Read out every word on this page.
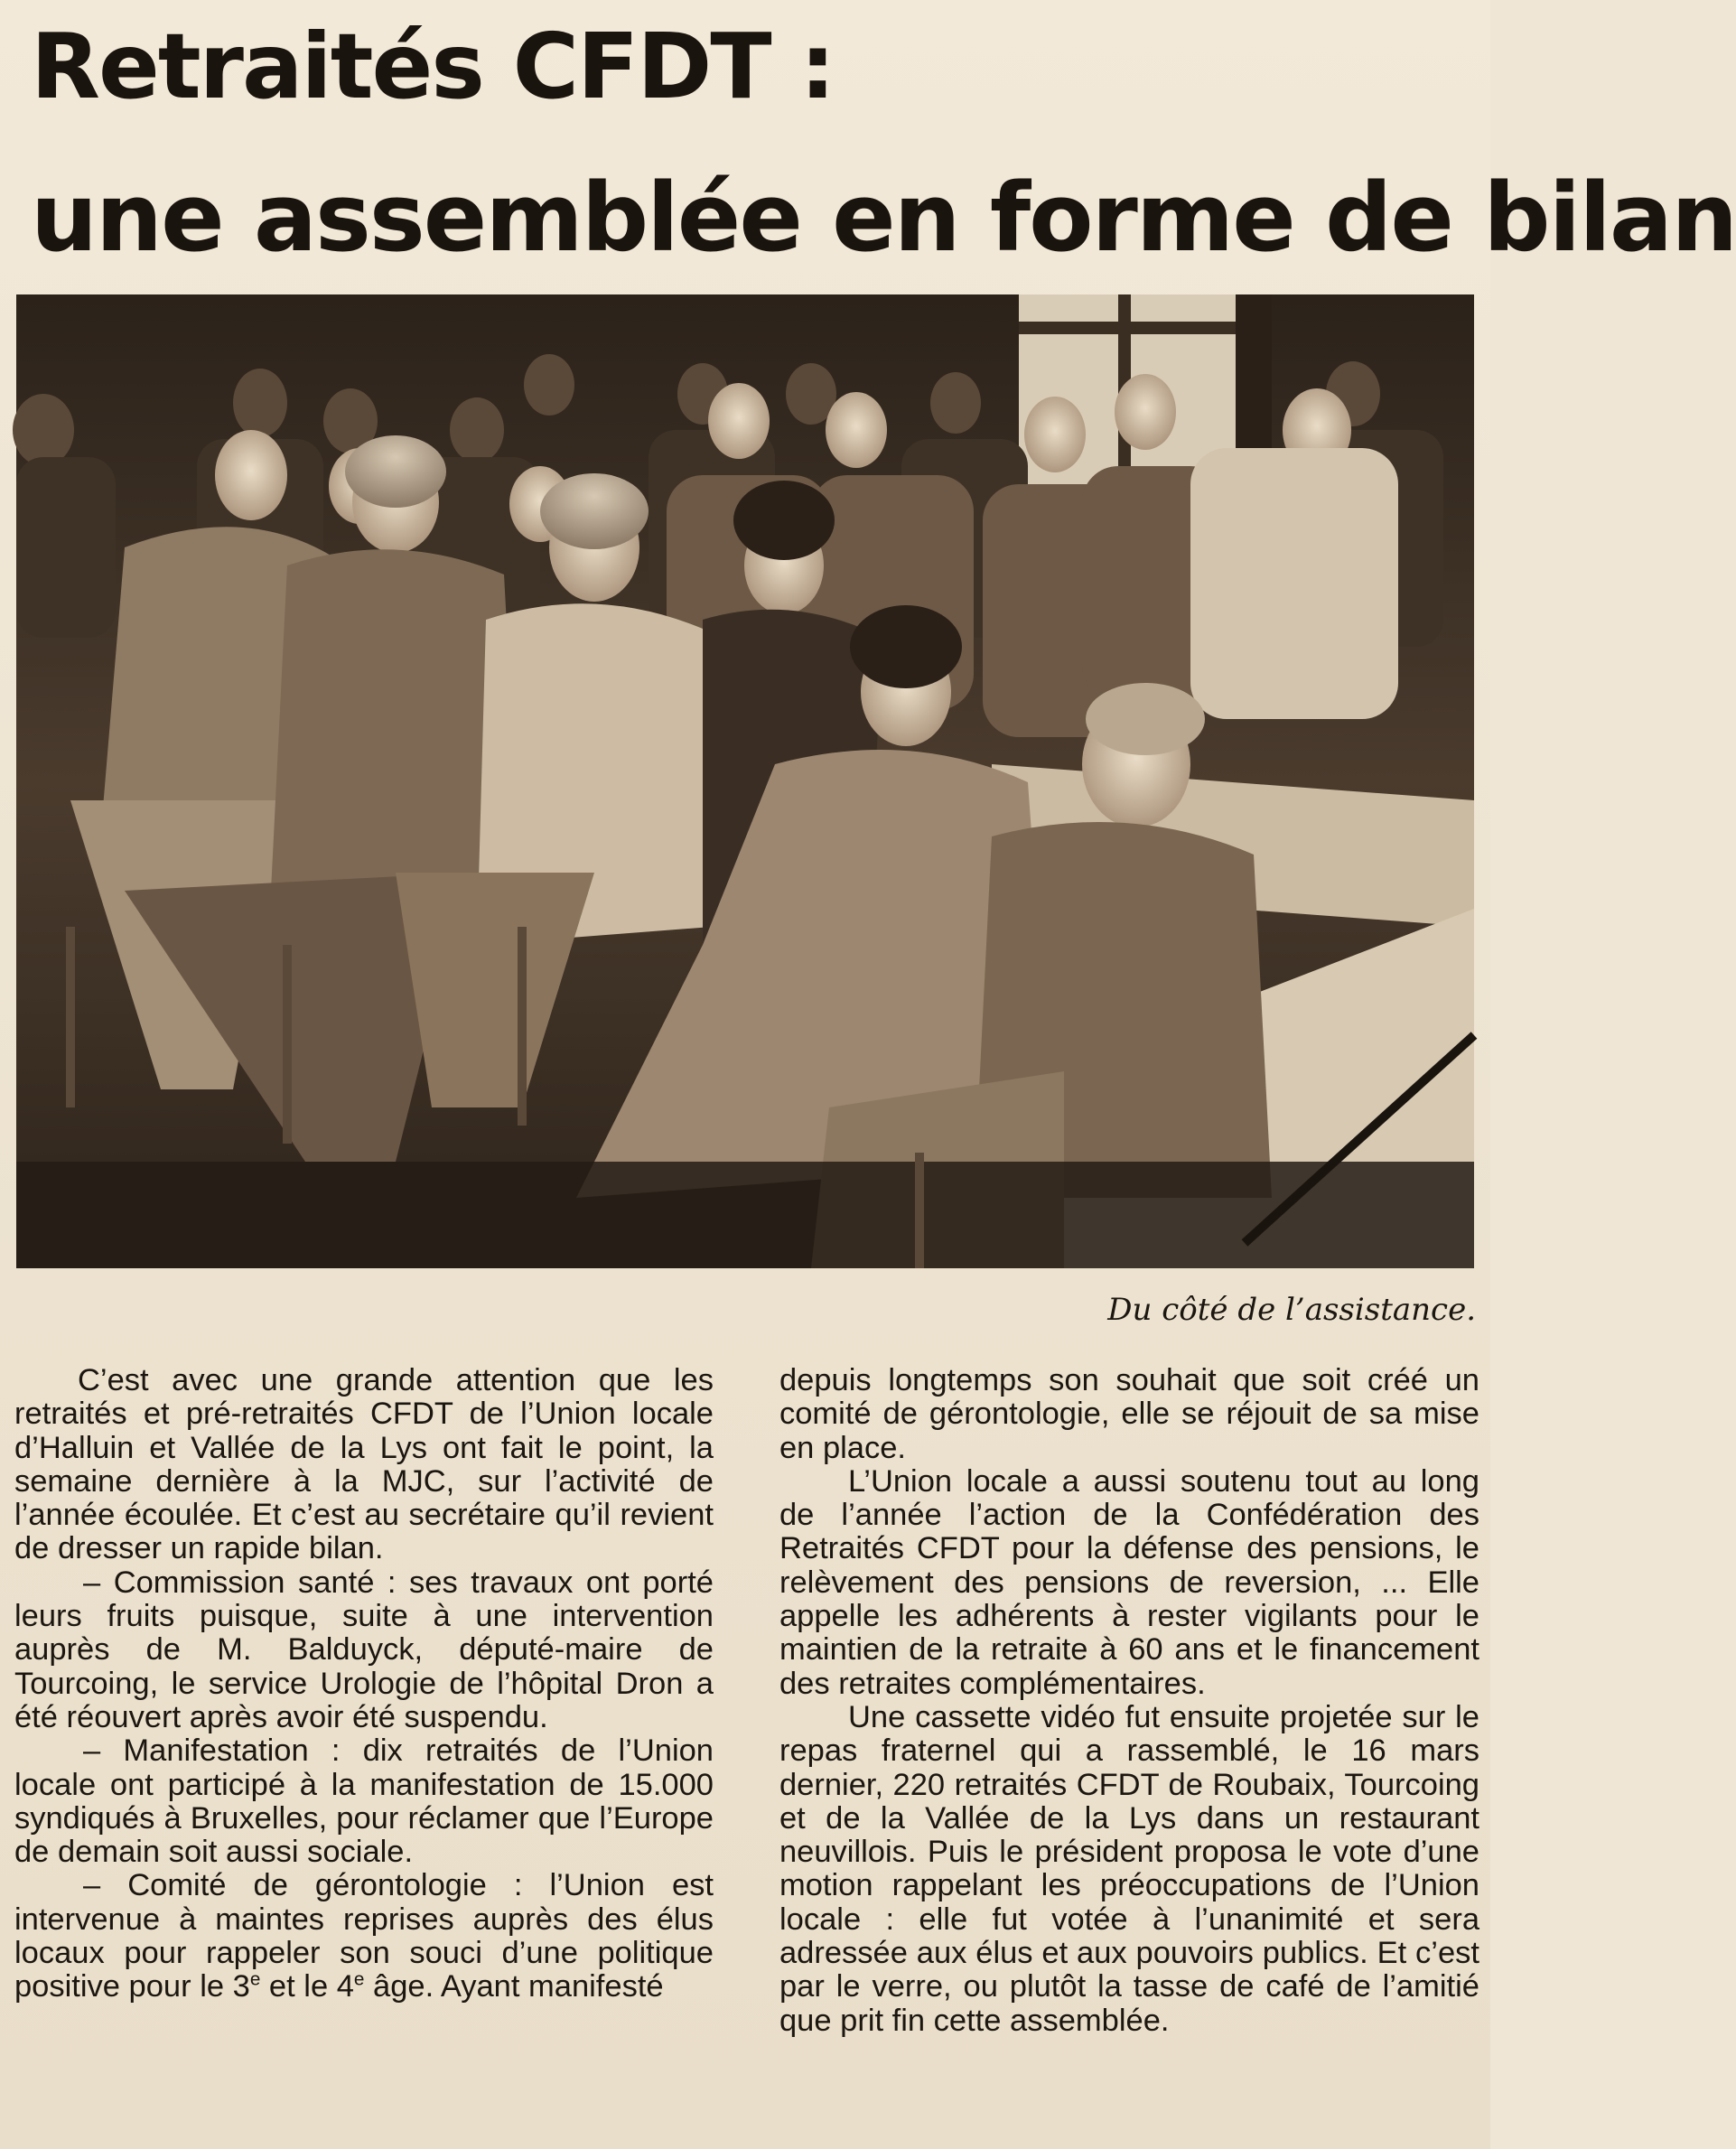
Retraités CFDT :
une assemblée en forme de bilan
Du côté de l’assistance.

C’est avec une grande attention que les retraités et pré-retraités CFDT de l’Union locale d’Halluin et Vallée de la Lys ont fait le point, la semaine dernière à la MJC, sur l’activité de l’année écoulée. Et c’est au secrétaire qu’il revient de dresser un rapide bilan.

– Commission santé : ses travaux ont porté leurs fruits puisque, suite à une intervention auprès de M. Balduyck, député-maire de Tourcoing, le service Urologie de l’hôpital Dron a été réouvert après avoir été suspendu.

– Manifestation : dix retraités de l’Union locale ont participé à la manifestation de 15.000 syndiqués à Bruxelles, pour réclamer que l’Europe de demain soit aussi sociale.

– Comité de gérontologie : l’Union est intervenue à maintes reprises auprès des élus locaux pour rappeler son souci d’une politique positive pour le 3e et le 4e âge. Ayant manifesté

depuis longtemps son souhait que soit créé un comité de gérontologie, elle se réjouit de sa mise en place.

L’Union locale a aussi soutenu tout au long de l’année l’action de la Confédération des Retraités CFDT pour la défense des pensions, le relèvement des pensions de reversion, ... Elle appelle les adhérents à rester vigilants pour le maintien de la retraite à 60 ans et le financement des retraites complémentaires.

Une cassette vidéo fut ensuite projetée sur le repas fraternel qui a rassemblé, le 16 mars dernier, 220 retraités CFDT de Roubaix, Tourcoing et de la Vallée de la Lys dans un restaurant neuvillois. Puis le président proposa le vote d’une motion rappelant les préoccupations de l’Union locale : elle fut votée à l’unanimité et sera adressée aux élus et aux pouvoirs publics. Et c’est par le verre, ou plutôt la tasse de café de l’amitié que prit fin cette assemblée.
